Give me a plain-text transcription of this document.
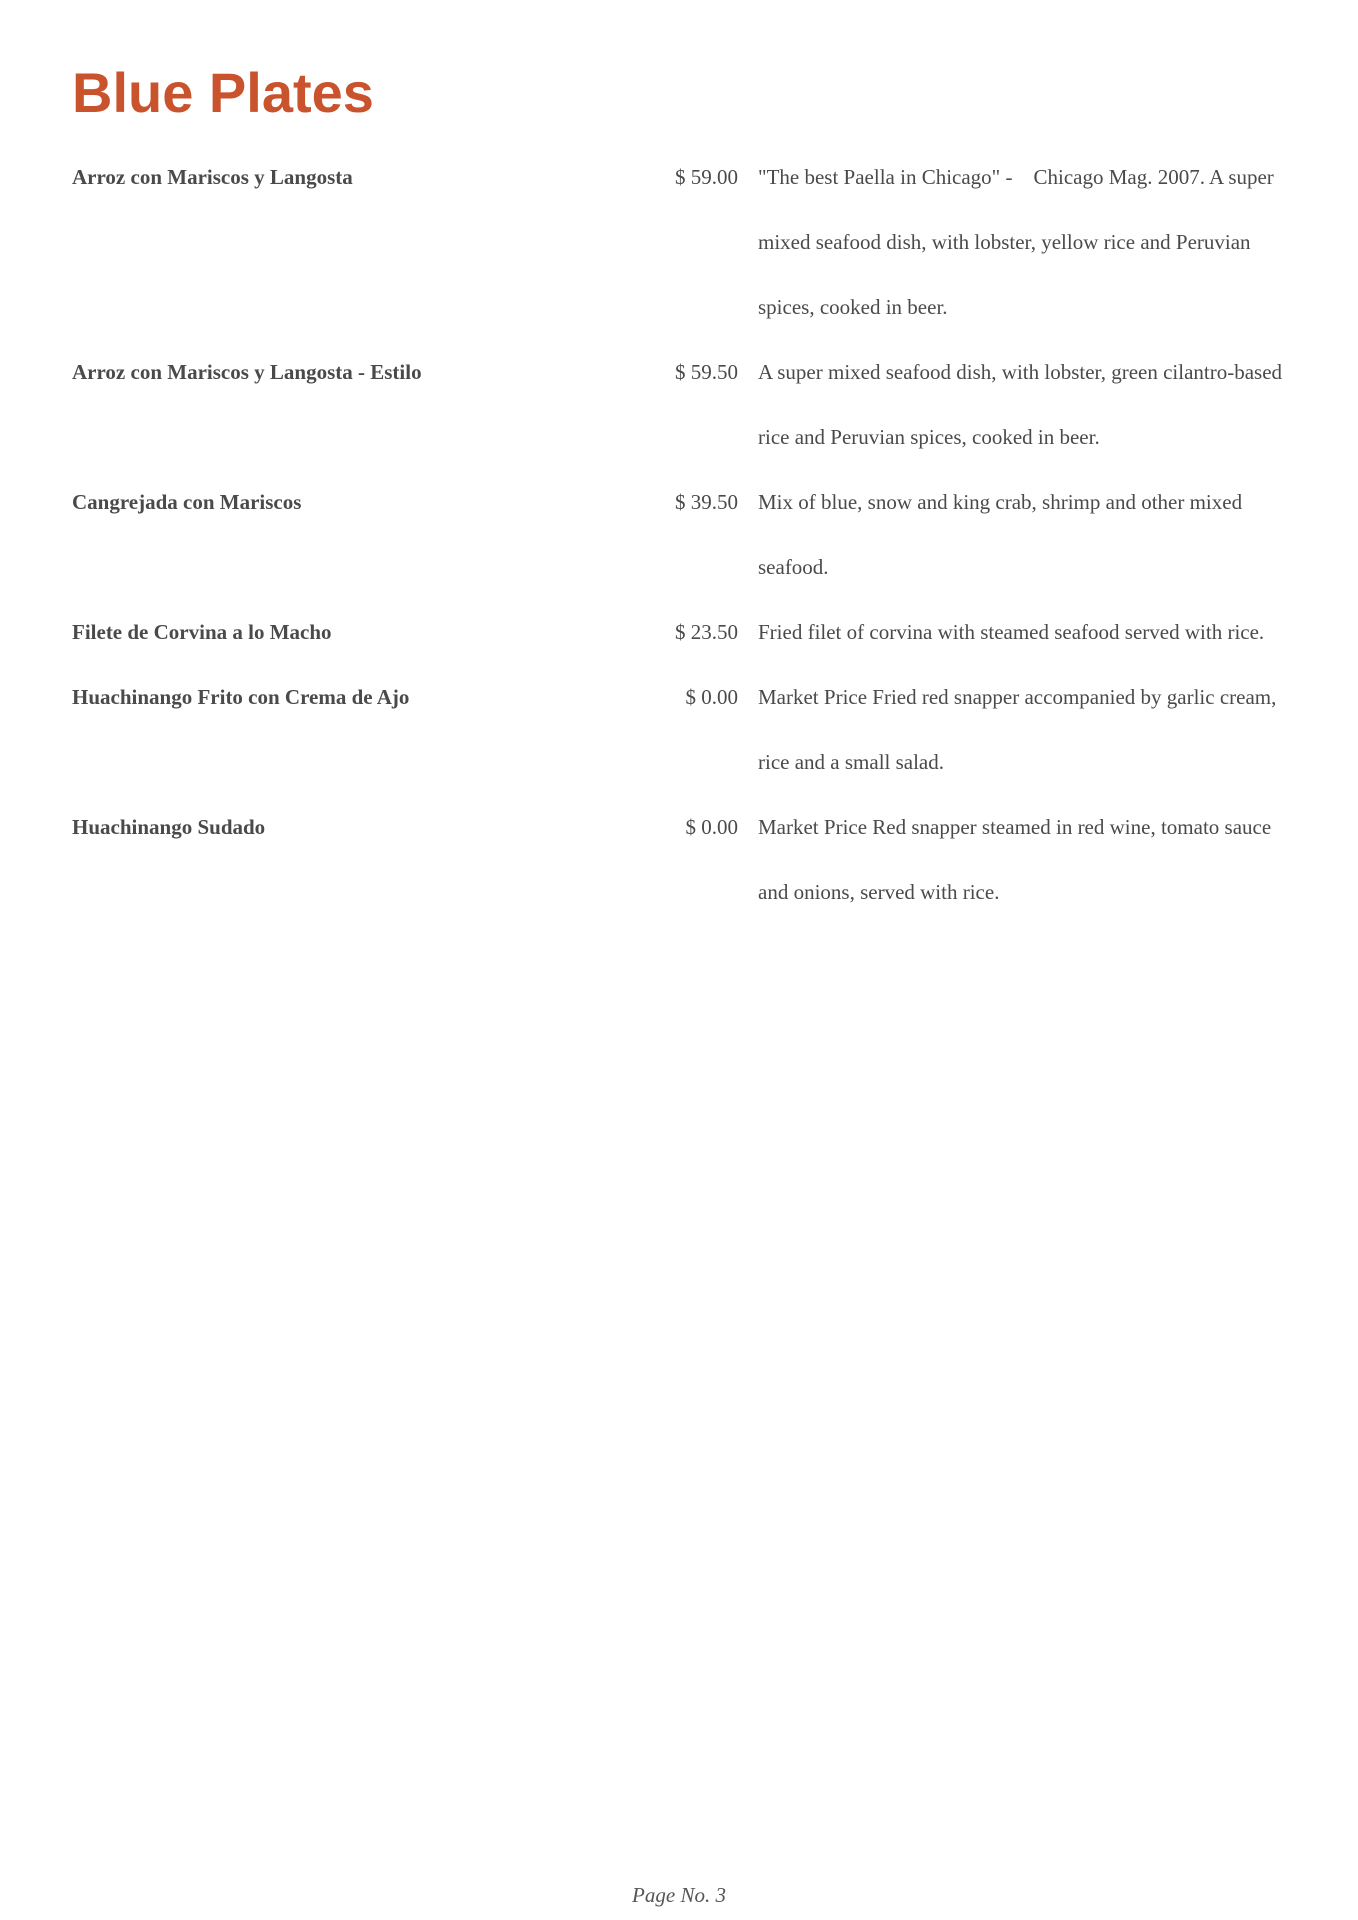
Blue Plates
Arroz con Mariscos y Langosta	$ 59.00 "The best Paella in Chicago" -    Chicago Mag. 2007. A super mixed seafood dish, with lobster, yellow rice and Peruvian spices, cooked in beer.
Arroz con Mariscos y Langosta - Estilo	$ 59.50 A super mixed seafood dish, with lobster, green cilantro-based rice and Peruvian spices, cooked in beer.
Cangrejada con Mariscos	$ 39.50 Mix of blue, snow and king crab, shrimp and other mixed seafood.
Filete de Corvina a lo Macho	$ 23.50 Fried filet of corvina with steamed seafood served with rice.
Huachinango Frito con Crema de Ajo	$ 0.00 Market Price Fried red snapper accompanied by garlic cream, rice and a small salad.
Huachinango Sudado	$ 0.00 Market Price Red snapper steamed in red wine, tomato sauce and onions, served with rice.
Page No. 3
